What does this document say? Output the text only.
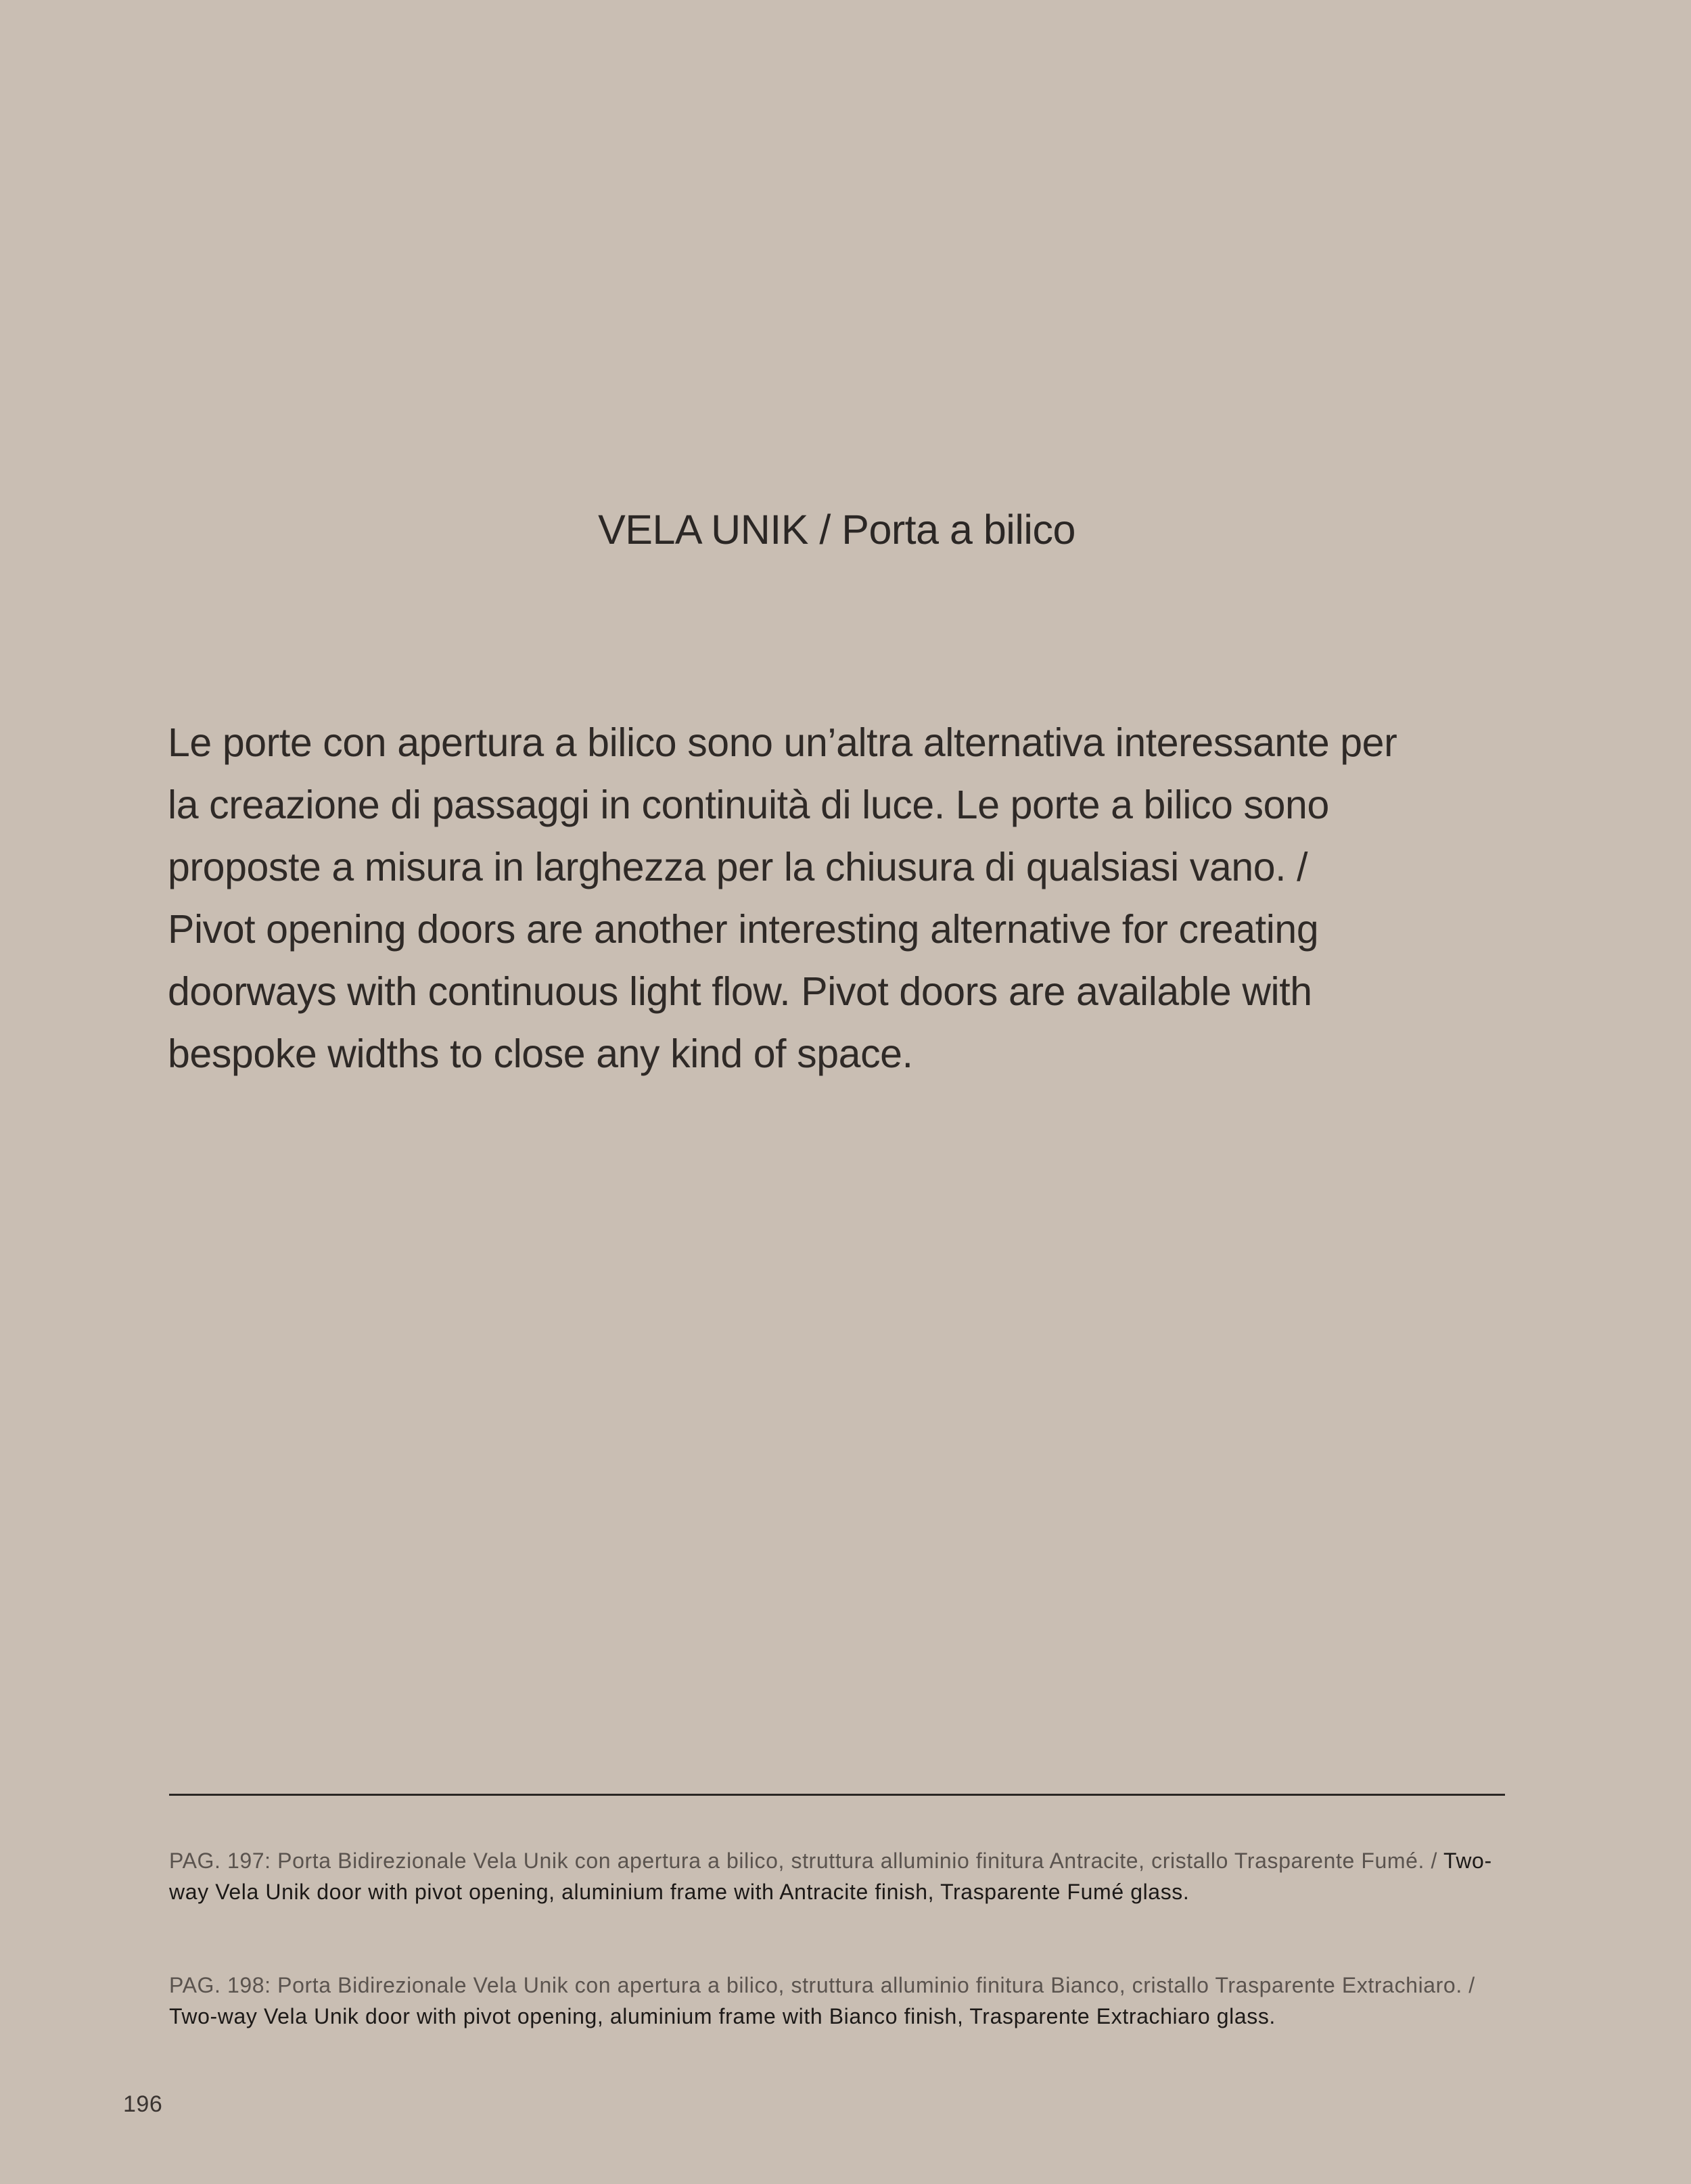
VELA UNIK / Porta a bilico

Le porte con apertura a bilico sono un’altra alternativa interessante per
la creazione di passaggi in continuità di luce. Le porte a bilico sono
proposte a misura in larghezza per la chiusura di qualsiasi vano. /
Pivot opening doors are another interesting alternative for creating
doorways with continuous light flow. Pivot doors are available with
bespoke widths to close any kind of space.

PAG. 197: Porta Bidirezionale Vela Unik con apertura a bilico, struttura alluminio finitura Antracite, cristallo Trasparente Fumé. / Two-way Vela Unik door with pivot opening, aluminium frame with Antracite finish, Trasparente Fumé glass.

PAG. 198: Porta Bidirezionale Vela Unik con apertura a bilico, struttura alluminio finitura Bianco, cristallo Trasparente Extrachiaro. / Two-way Vela Unik door with pivot opening, aluminium frame with Bianco finish, Trasparente Extrachiaro glass.

196
